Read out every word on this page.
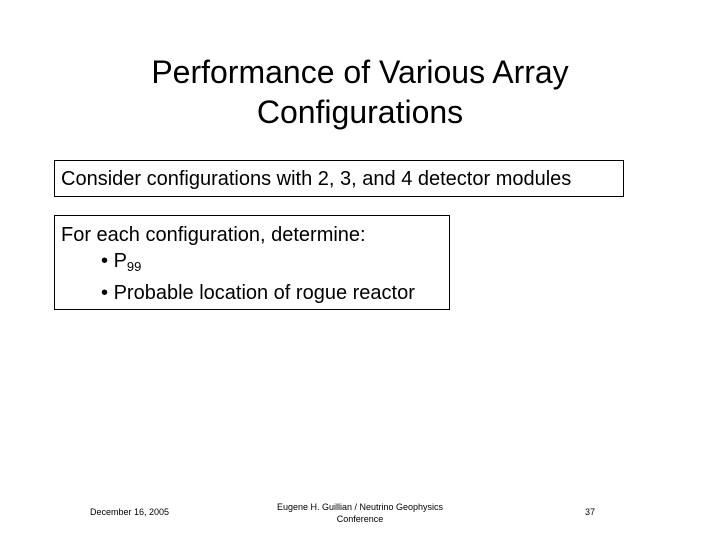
Performance of Various Array
Configurations
Consider configurations with 2, 3, and 4 detector modules
For each configuration, determine:
• $P_{99}$
• Probable location of rogue reactor
December 16, 2005	Eugene H. Guillian / Neutrino Geophysics
Conference
37
